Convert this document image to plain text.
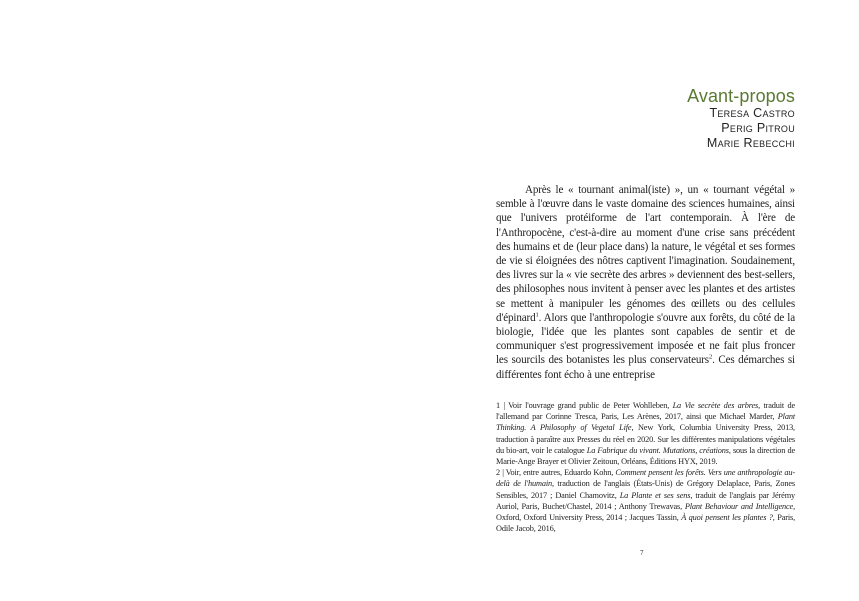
Avant-propos
Teresa Castro
Perig Pitrou
Marie Rebecchi

Après le « tournant animal(iste) », un « tournant végétal » semble à l'œuvre dans le vaste domaine des sciences humaines, ainsi que l'univers protéiforme de l'art contemporain. À l'ère de l'Anthropocène, c'est-à-dire au moment d'une crise sans précédent des humains et de (leur place dans) la nature, le végétal et ses formes de vie si éloignées des nôtres captivent l'imagination. Soudainement, des livres sur la « vie secrète des arbres » deviennent des best-sellers, des philosophes nous invitent à penser avec les plantes et des artistes se mettent à manipuler les génomes des œillets ou des cellules d'épinard$^1$. Alors que l'anthropologie s'ouvre aux forêts, du côté de la biologie, l'idée que les plantes sont capables de sentir et de communiquer s'est progressivement imposée et ne fait plus froncer les sourcils des botanistes les plus conservateurs$^2$. Ces démarches si différentes font écho à une entreprise

1 | Voir l'ouvrage grand public de Peter Wohlleben, La Vie secrète des arbres, traduit de l'allemand par Corinne Tresca, Paris, Les Arènes, 2017, ainsi que Michael Marder, Plant Thinking. A Philosophy of Vegetal Life, New York, Columbia University Press, 2013, traduction à paraître aux Presses du réel en 2020. Sur les différentes manipulations végétales du bio-art, voir le catalogue La Fabrique du vivant. Mutations, créations, sous la direction de Marie-Ange Brayer et Olivier Zeitoun, Orléans, Éditions HYX, 2019.

2 | Voir, entre autres, Eduardo Kohn, Comment pensent les forêts. Vers une anthropologie au-delà de l'humain, traduction de l'anglais (États-Unis) de Grégory Delaplace, Paris, Zones Sensibles, 2017 ; Daniel Chamovitz, La Plante et ses sens, traduit de l'anglais par Jérémy Auriol, Paris, Buchet/Chastel, 2014 ; Anthony Trewavas, Plant Behaviour and Intelligence, Oxford, Oxford University Press, 2014 ; Jacques Tassin, À quoi pensent les plantes ?, Paris, Odile Jacob, 2016,

7
